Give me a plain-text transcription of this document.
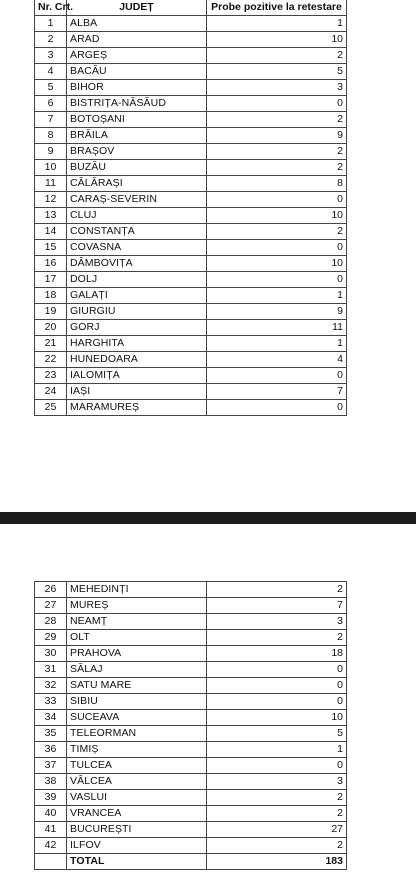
Nr. Crt.	JUDEȚ	Probe pozitive la retestare
1	ALBA	1
2	ARAD	10
3	ARGEȘ	2
4	BACĂU	5
5	BIHOR	3
6	BISTRIȚA-NĂSĂUD	0
7	BOTOȘANI	2
8	BRĂILA	9
9	BRAȘOV	2
10	BUZĂU	2
11	CĂLĂRAȘI	8
12	CARAȘ-SEVERIN	0
13	CLUJ	10
14	CONSTANȚA	2
15	COVASNA	0
16	DÂMBOVIȚA	10
17	DOLJ	0
18	GALAȚI	1
19	GIURGIU	9
20	GORJ	11
21	HARGHITA	1
22	HUNEDOARA	4
23	IALOMIȚA	0
24	IAȘI	7
25	MARAMUREȘ	0
26	MEHEDINȚI	2
27	MUREȘ	7
28	NEAMȚ	3
29	OLT	2
30	PRAHOVA	18
31	SĂLAJ	0
32	SATU MARE	0
33	SIBIU	0
34	SUCEAVA	10
35	TELEORMAN	5
36	TIMIȘ	1
37	TULCEA	0
38	VÂLCEA	3
39	VASLUI	2
40	VRANCEA	2
41	BUCUREȘTI	27
42	ILFOV	2
	TOTAL	183
